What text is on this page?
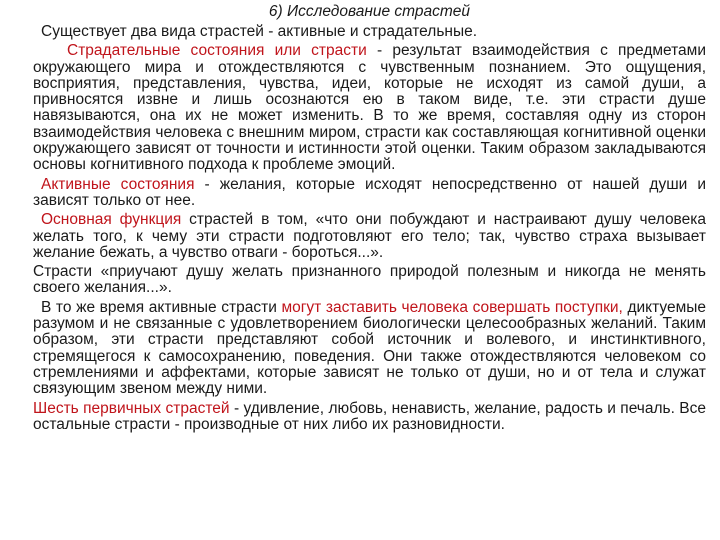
6) Исследование страстей
Существует два вида страстей - активные и страдательные.
Страдательные состояния или страсти - результат взаимодействия с предметами окружающего мира и отождествляются с чувственным познанием. Это ощущения, восприятия, представления, чувства, идеи, которые не исходят из самой души, а привносятся извне и лишь осознаются ею в таком виде, т.е. эти страсти душе навязываются, она их не может изменить. В то же время, составляя одну из сторон взаимодействия человека с внешним миром, страсти как составляющая когнитивной оценки окружающего зависят от точности и истинности этой оценки. Таким образом закладываются основы когнитивного подхода к проблеме эмоций.
Активные состояния - желания, которые исходят непосредственно от нашей души и зависят только от нее.
Основная функция страстей в том, «что они побуждают и настраивают душу человека желать того, к чему эти страсти подготовляют его тело; так, чувство страха вызывает желание бежать, а чувство отваги - бороться...».
Страсти «приучают душу желать признанного природой полезным и никогда не менять своего желания...».
В то же время активные страсти могут заставить человека совершать поступки, диктуемые разумом и не связанные с удовлетворением биологически целесообразных желаний. Таким образом, эти страсти представляют собой источник и волевого, и инстинктивного, стремящегося к самосохранению, поведения. Они также отождествляются человеком со стремлениями и аффектами, которые зависят не только от души, но и от тела и служат связующим звеном между ними.
Шесть первичных страстей - удивление, любовь, ненависть, желание, радость и печаль. Все остальные страсти - производные от них либо их разновидности.
